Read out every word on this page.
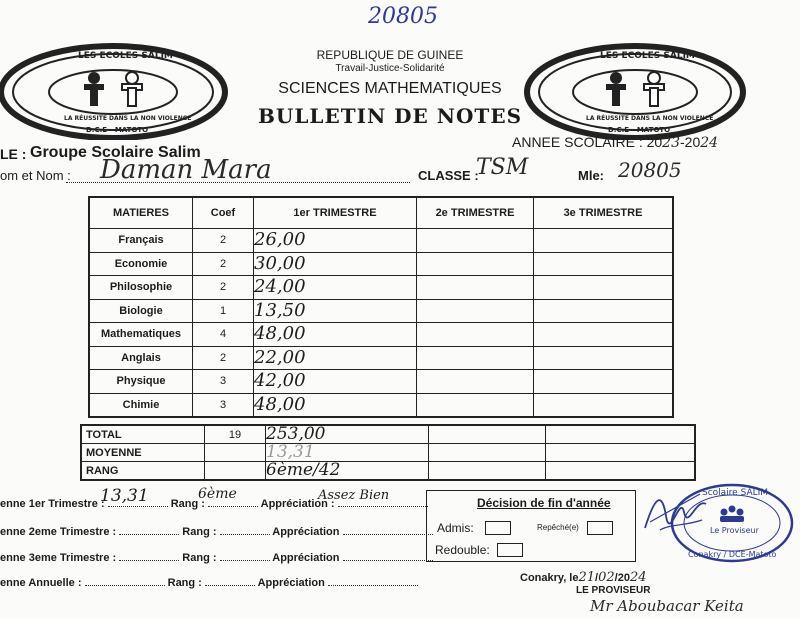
20805
LES ECOLES SALIM
LA RÉUSSITE DANS LA NON VIOLENCE
D.C.E - MATOTO
LES ECOLES SALIM
LA RÉUSSITE DANS LA NON VIOLENCE
D.C.E - MATOTO
REPUBLIQUE DE GUINEE
Travail-Justice-Solidarité
SCIENCES MATHEMATIQUES
BULLETIN DE NOTES
ANNEE SCOLAIRE : 2023-2024
LE : Groupe Scolaire Salim
om et Nom : Daman Mara	CLASSE :
TSM	Mle: 20805
MATIERES	Coef	1er TRIMESTRE	2e TRIMESTRE	3e TRIMESTRE
Français	2	26,00		
Economie	2	30,00		
Philosophie	2	24,00		
Biologie	1	13,50		
Mathematiques	4	48,00		
Anglais	2	22,00		
Physique	3	42,00		
Chimie	3	48,00		
TOTAL	19	253,00		
MOYENNE		13,31		
RANG		6ème/42		
enne 1er Trimestre :	Rang :	Appréciation :
13,31	6ème	Assez Bien
enne 2eme Trimestre :	Rang :	Appréciation
enne 3eme Trimestre :	Rang :	Appréciation
enne Annuelle :	Rang :	Appréciation
Décision de fin d'année
Admis:	Repêché(e)
Redouble:
Scolaire SALIM
Le Proviseur
Conakry / DCE-Matoto
Conakry, le21/02/2024
LE PROVISEUR
Mr Aboubacar Keita
